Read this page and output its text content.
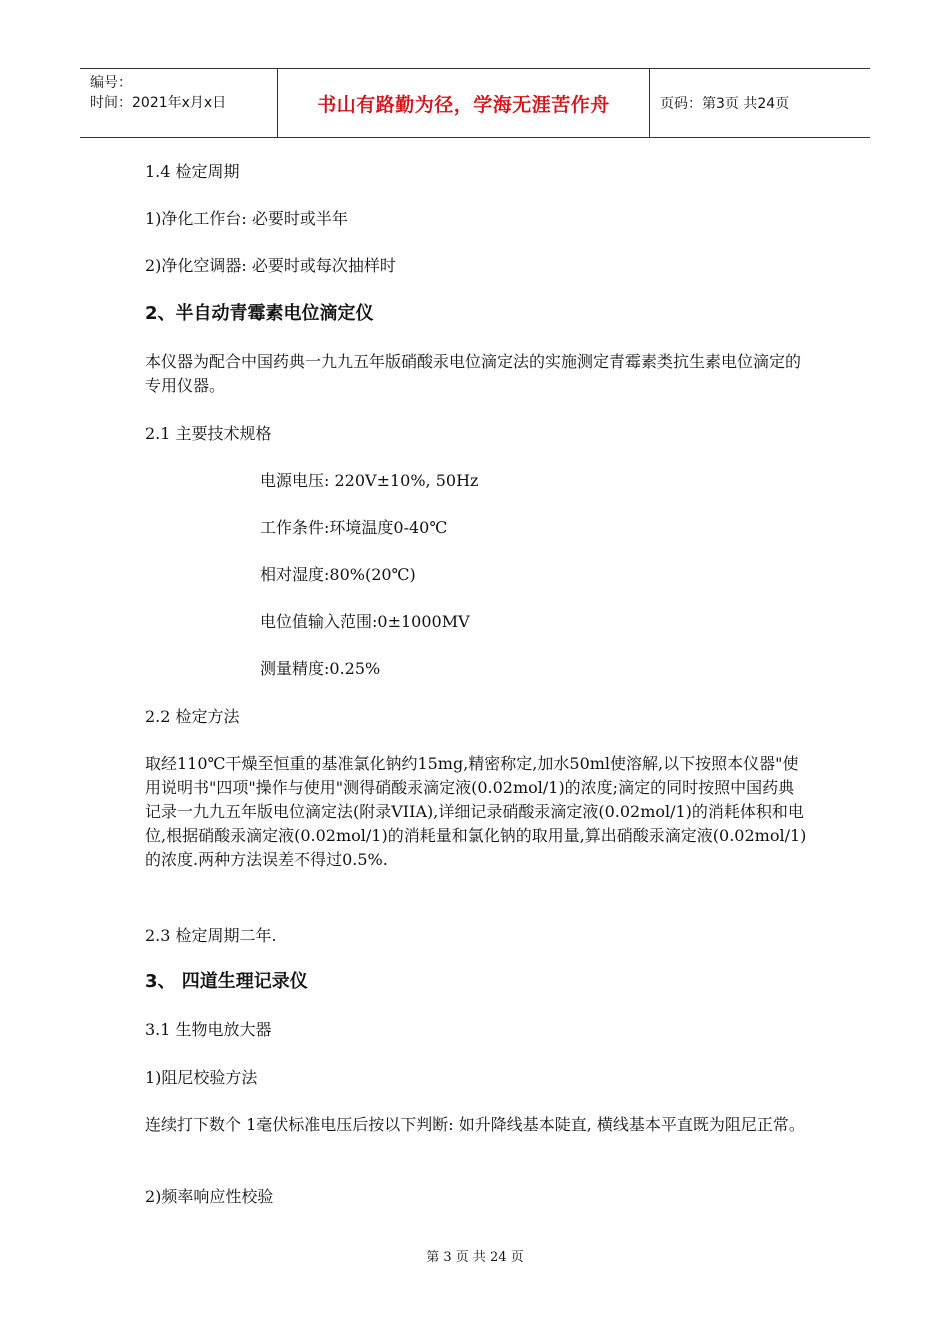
编号：
时间：2021年x月x日	书山有路勤为径，学海无涯苦作舟	页码：第3页 共24页

1.4 检定周期

1)净化工作台: 必要时或半年

2)净化空调器: 必要时或每次抽样时

2、半自动青霉素电位滴定仪

本仪器为配合中国药典一九九五年版硝酸汞电位滴定法的实施测定青霉素类抗生素电位滴定的专用仪器。

2.1 主要技术规格

电源电压: 220V±10%, 50Hz

工作条件:环境温度0-40℃

相对湿度:80%(20℃)

电位值输入范围:0±1000MV

测量精度:0.25%

2.2 检定方法

取经110℃干燥至恒重的基准氯化钠约15mg,精密称定,加水50ml使溶解,以下按照本仪器"使用说明书"四项"操作与使用"测得硝酸汞滴定液(0.02mol/1)的浓度;滴定的同时按照中国药典记录一九九五年版电位滴定法(附录VIIA),详细记录硝酸汞滴定液(0.02mol/1)的消耗体积和电位,根据硝酸汞滴定液(0.02mol/1)的消耗量和氯化钠的取用量,算出硝酸汞滴定液(0.02mol/1)的浓度.两种方法误差不得过0.5%.

2.3 检定周期二年.

3、 四道生理记录仪

3.1 生物电放大器

1)阻尼校验方法

连续打下数个 1毫伏标准电压后按以下判断: 如升降线基本陡直, 横线基本平直既为阻尼正常。

2)频率响应性校验

第 3 页 共 24 页
